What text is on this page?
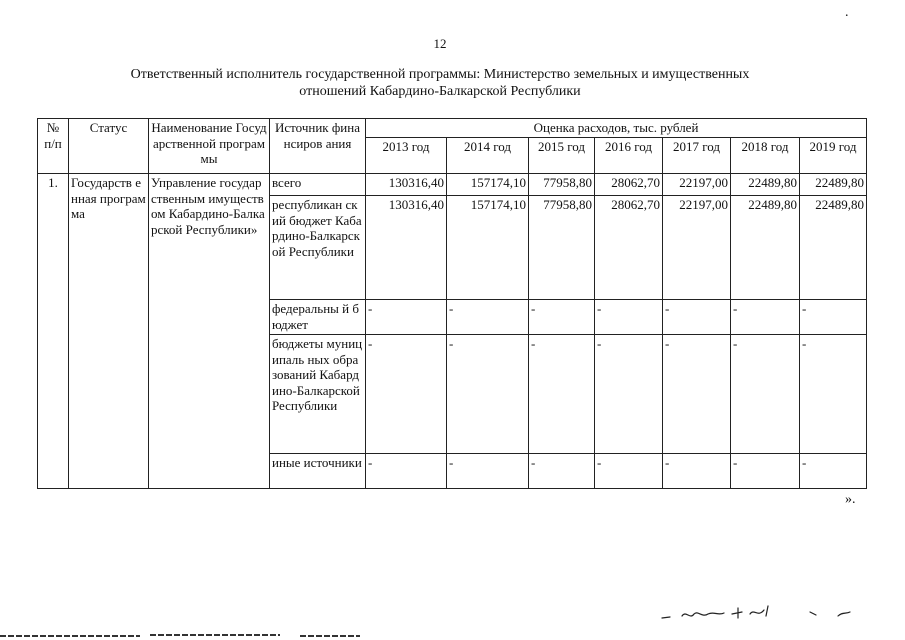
.
12
Ответственный исполнитель государственной программы: Министерство земельных и имущественных
отношений Кабардино-Балкарской Республики
№ п/п	Статус	Наименование Государственной программы	Источник финансиров ания	Оценка расходов, тыс. рублей						
				2013 год	2014 год	2015 год	2016 год	2017 год	2018 год	2019 год
1.	Государств енная программа	Управление государственным имуществом Кабардино-Балкарской Республики»	всего	130316,40	157174,10	77958,80	28062,70	22197,00	22489,80	22489,80
			республикан ский бюджет Кабардино-Балкарской Республики	130316,40	157174,10	77958,80	28062,70	22197,00	22489,80	22489,80
			федеральны й бюджет	-	-	-	-	-	-	-
			бюджеты муниципаль ных образований Кабардино-Балкарской Республики	-	-	-	-	-	-	-
			иные источники	-	-	-	-	-	-	-
».
